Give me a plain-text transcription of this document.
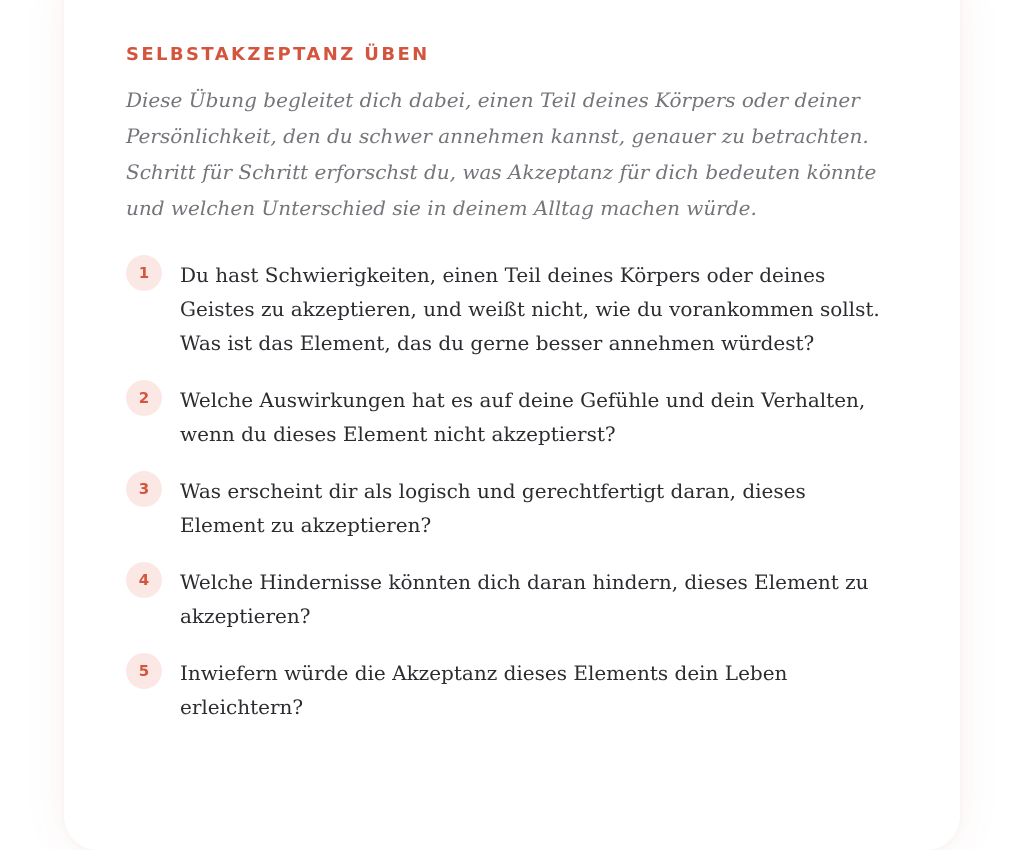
SELBSTAKZEPTANZ ÜBEN

Diese Übung begleitet dich dabei, einen Teil deines Körpers oder deiner Persönlichkeit, den du schwer annehmen kannst, genauer zu betrachten. Schritt für Schritt erforschst du, was Akzeptanz für dich bedeuten könnte und welchen Unterschied sie in deinem Alltag machen würde.

1	Du hast Schwierigkeiten, einen Teil deines Körpers oder deines Geistes zu akzeptieren, und weißt nicht, wie du vorankommen sollst. Was ist das Element, das du gerne besser annehmen würdest?

2	Welche Auswirkungen hat es auf deine Gefühle und dein Verhalten, wenn du dieses Element nicht akzeptierst?

3	Was erscheint dir als logisch und gerechtfertigt daran, dieses Element zu akzeptieren?

4	Welche Hindernisse könnten dich daran hindern, dieses Element zu akzeptieren?

5	Inwiefern würde die Akzeptanz dieses Elements dein Leben erleichtern?
